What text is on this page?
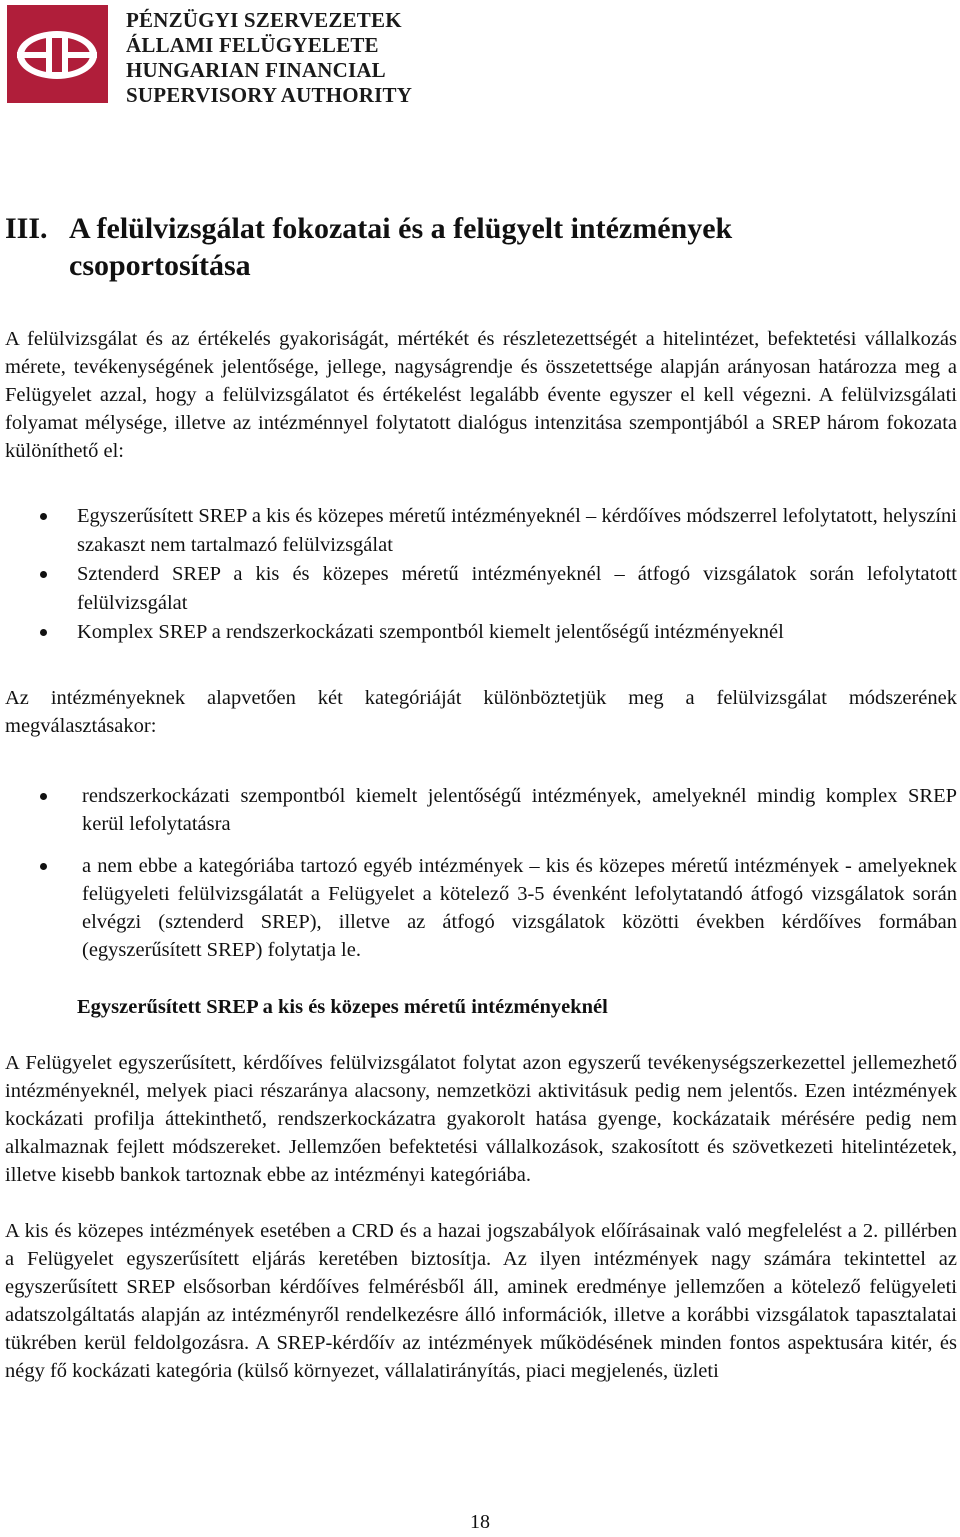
PÉNZÜGYI SZERVEZETEK
ÁLLAMI FELÜGYELETE
HUNGARIAN FINANCIAL
SUPERVISORY AUTHORITY
III. A felülvizsgálat fokozatai és a felügyelt intézmények csoportosítása

A felülvizsgálat és az értékelés gyakoriságát, mértékét és részletezettségét a hitelintézet, befektetési vállalkozás mérete, tevékenységének jelentősége, jellege, nagyságrendje és összetettsége alapján arányosan határozza meg a Felügyelet azzal, hogy a felülvizsgálatot és értékelést legalább évente egyszer el kell végezni. A felülvizsgálati folyamat mélysége, illetve az intézménnyel folytatott dialógus intenzitása szempontjából a SREP három fokozata különíthető el:

Egyszerűsített SREP a kis és közepes méretű intézményeknél – kérdőíves módszerrel lefolytatott, helyszíni szakaszt nem tartalmazó felülvizsgálat
Sztenderd SREP a kis és közepes méretű intézményeknél – átfogó vizsgálatok során lefolytatott felülvizsgálat
Komplex SREP a rendszerkockázati szempontból kiemelt jelentőségű intézményeknél

Az intézményeknek alapvetően két kategóriáját különböztetjük meg a felülvizsgálat módszerének megválasztásakor:

rendszerkockázati szempontból kiemelt jelentőségű intézmények, amelyeknél mindig komplex SREP kerül lefolytatásra
a nem ebbe a kategóriába tartozó egyéb intézmények – kis és közepes méretű intézmények - amelyeknek felügyeleti felülvizsgálatát a Felügyelet a kötelező 3-5 évenként lefolytatandó átfogó vizsgálatok során elvégzi (sztenderd SREP), illetve az átfogó vizsgálatok közötti években kérdőíves formában (egyszerűsített SREP) folytatja le.
Egyszerűsített SREP a kis és közepes méretű intézményeknél

A Felügyelet egyszerűsített, kérdőíves felülvizsgálatot folytat azon egyszerű tevékenységszerkezettel jellemezhető intézményeknél, melyek piaci részaránya alacsony, nemzetközi aktivitásuk pedig nem jelentős. Ezen intézmények kockázati profilja áttekinthető, rendszerkockázatra gyakorolt hatása gyenge, kockázataik mérésére pedig nem alkalmaznak fejlett módszereket. Jellemzően befektetési vállalkozások, szakosított és szövetkezeti hitelintézetek, illetve kisebb bankok tartoznak ebbe az intézményi kategóriába.

A kis és közepes intézmények esetében a CRD és a hazai jogszabályok előírásainak való megfelelést a 2. pillérben a Felügyelet egyszerűsített eljárás keretében biztosítja. Az ilyen intézmények nagy számára tekintettel az egyszerűsített SREP elsősorban kérdőíves felmérésből áll, aminek eredménye jellemzően a kötelező felügyeleti adatszolgáltatás alapján az intézményről rendelkezésre álló információk, illetve a korábbi vizsgálatok tapasztalatai tükrében kerül feldolgozásra. A SREP-kérdőív az intézmények működésének minden fontos aspektusára kitér, és négy fő kockázati kategória (külső környezet, vállalatirányítás, piaci megjelenés, üzleti

18
